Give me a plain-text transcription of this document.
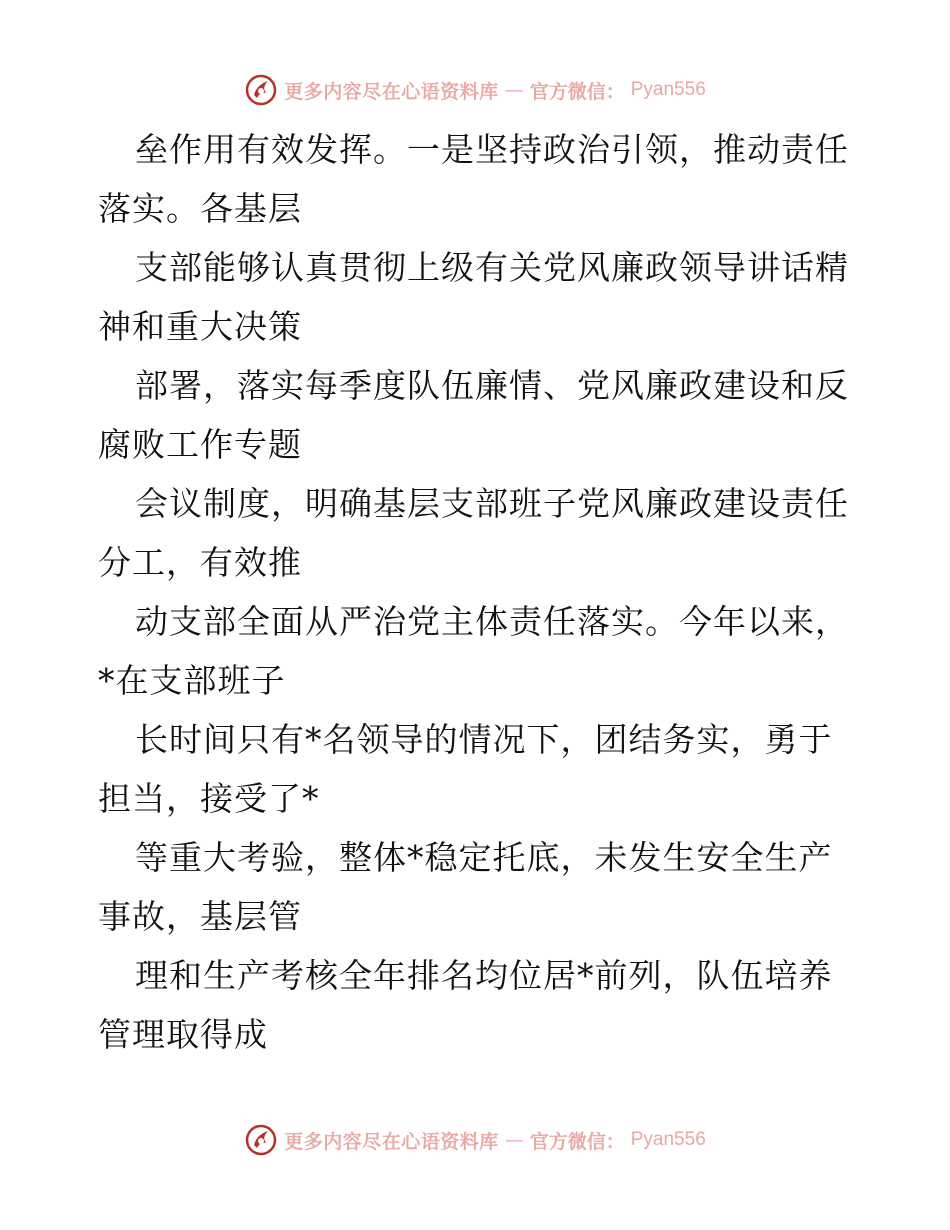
更多内容尽在心语资料库 — 官方微信： Pyan556

垒作用有效发挥。一是坚持政治引领，推动责任
落实。各基层

支部能够认真贯彻上级有关党风廉政领导讲话精
神和重大决策

部署，落实每季度队伍廉情、党风廉政建设和反
腐败工作专题

会议制度，明确基层支部班子党风廉政建设责任
分工，有效推

动支部全面从严治党主体责任落实。今年以来，
*在支部班子

长时间只有*名领导的情况下，团结务实，勇于
担当，接受了*

等重大考验，整体*稳定托底，未发生安全生产
事故，基层管

理和生产考核全年排名均位居*前列，队伍培养
管理取得成

更多内容尽在心语资料库 — 官方微信： Pyan556
